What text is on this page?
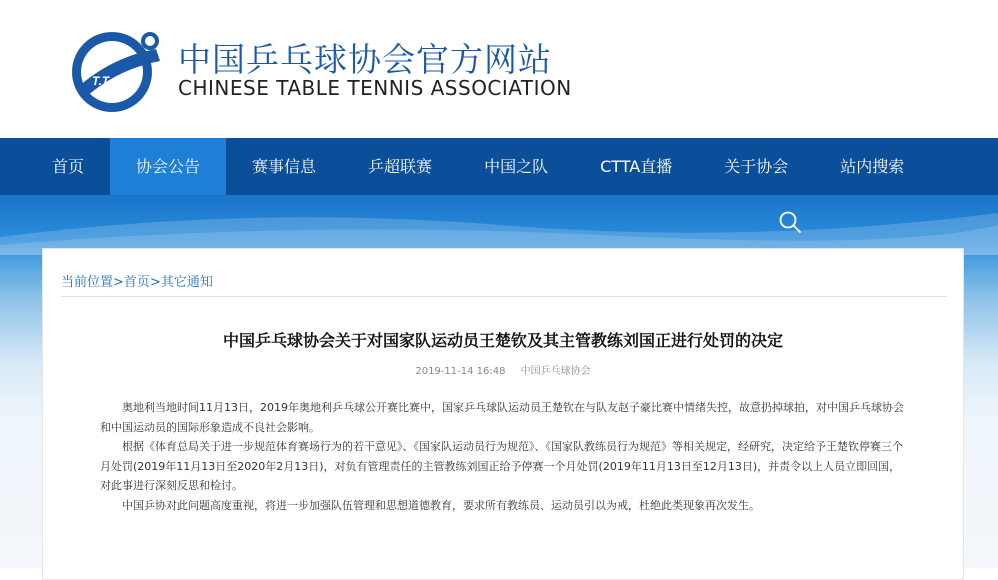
T.T.A
中国乒乓球协会官方网站
CHINESE TABLE TENNIS ASSOCIATION
首页	协会公告	赛事信息	乒超联赛	中国之队	CTTA直播	关于协会	站内搜索
当前位置>首页>其它通知
中国乒乓球协会关于对国家队运动员王楚钦及其主管教练刘国正进行处罚的决定
2019-11-14 16:48 中国乒乓球协会

奥地利当地时间11月13日，2019年奥地利乒乓球公开赛比赛中，国家乒乓球队运动员王楚钦在与队友赵子豪比赛中情绪失控，故意扔掉球拍，对中国乒乓球协会和中国运动员的国际形象造成不良社会影响。

根据《体育总局关于进一步规范体育赛场行为的若干意见》、《国家队运动员行为规范》、《国家队教练员行为规范》等相关规定，经研究，决定给予王楚钦停赛三个月处罚(2019年11月13日至2020年2月13日)，对负有管理责任的主管教练刘国正给予停赛一个月处罚(2019年11月13日至12月13日)，并责令以上人员立即回国，对此事进行深刻反思和检讨。

中国乒协对此问题高度重视，将进一步加强队伍管理和思想道德教育，要求所有教练员、运动员引以为戒，杜绝此类现象再次发生。
